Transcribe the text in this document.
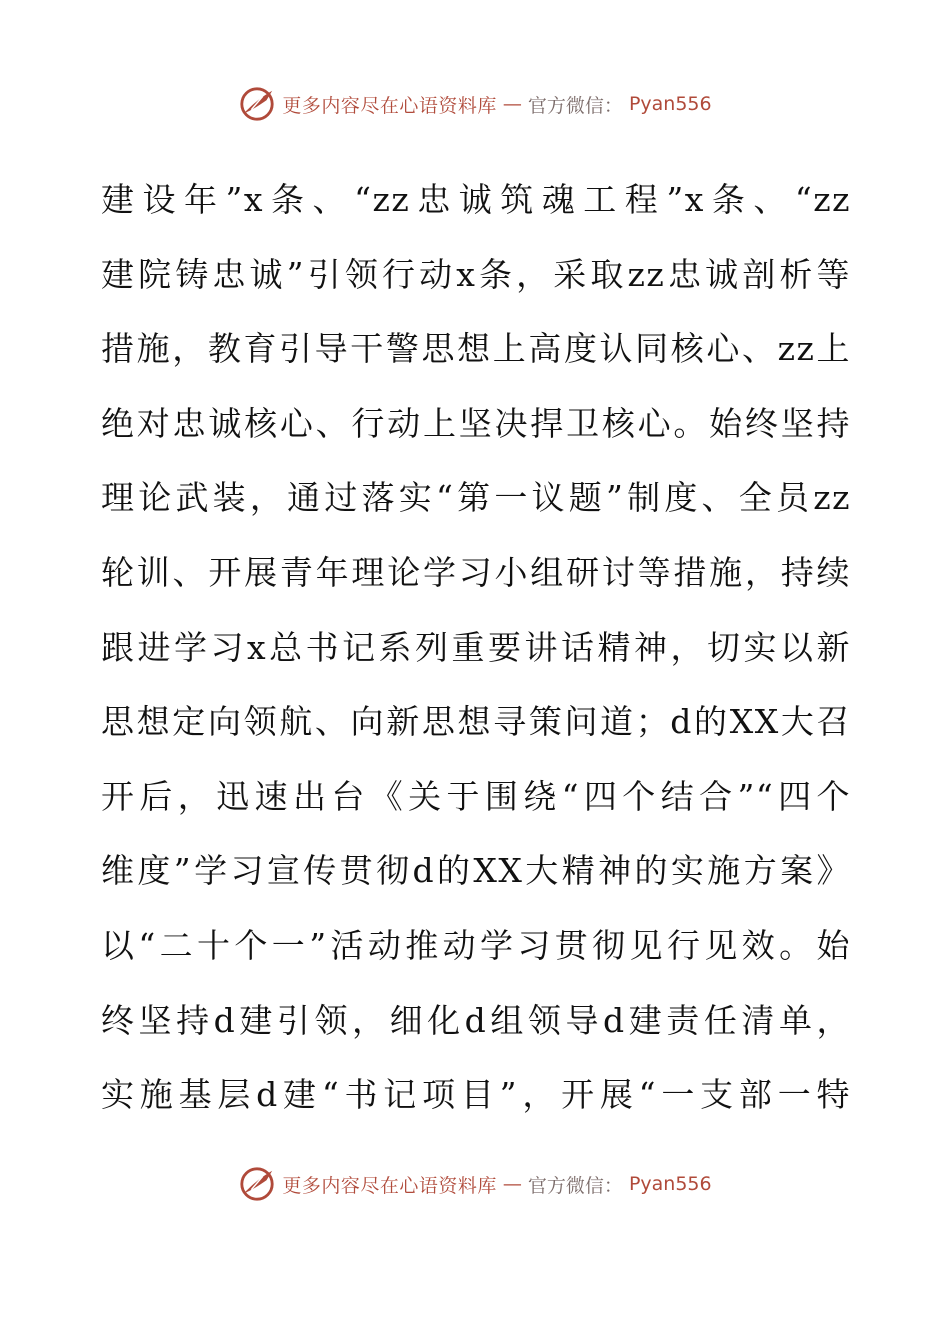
更多内容尽在心语资料库 — 官方微信： Pyan556
建设年”x条、“zz忠诚筑魂工程”x条、“zz
建院铸忠诚”引领行动x条，采取zz忠诚剖析等
措施，教育引导干警思想上高度认同核心、zz上
绝对忠诚核心、行动上坚决捍卫核心。始终坚持
理论武装，通过落实“第一议题”制度、全员zz
轮训、开展青年理论学习小组研讨等措施，持续
跟进学习x总书记系列重要讲话精神，切实以新
思想定向领航、向新思想寻策问道；d的XX大召
开后，迅速出台《关于围绕“四个结合”“四个
维度”学习宣传贯彻d的XX大精神的实施方案》
以“二十个一”活动推动学习贯彻见行见效。始
终坚持d建引领，细化d组领导d建责任清单，
实施基层d建“书记项目”，开展“一支部一特
更多内容尽在心语资料库 — 官方微信： Pyan556
